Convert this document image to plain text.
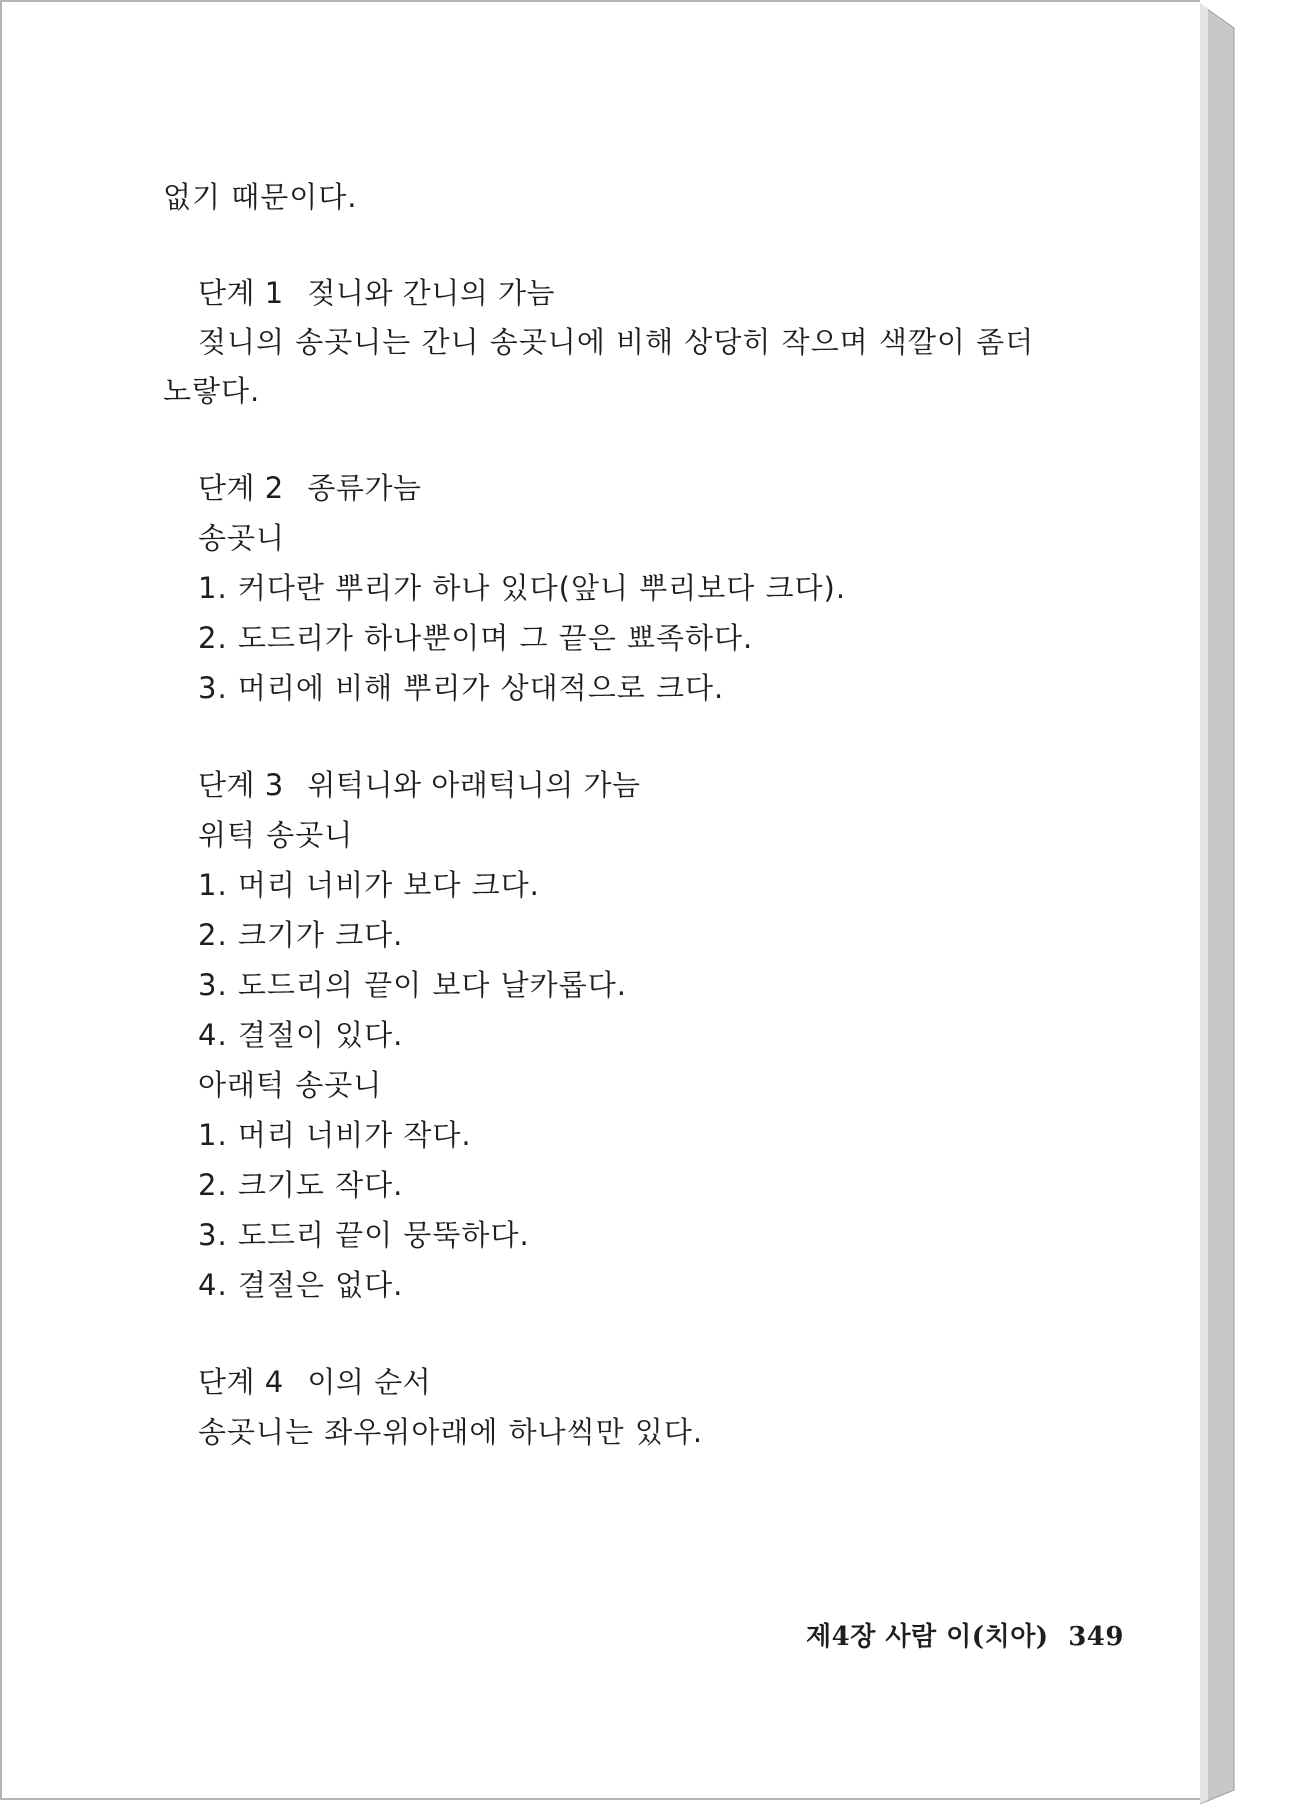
없기 때문이다.
단계 1 젖니와 간니의 가늠
젖니의 송곳니는 간니 송곳니에 비해 상당히 작으며 색깔이 좀더
노랗다.
단계 2 종류가늠
송곳니
1. 커다란 뿌리가 하나 있다(앞니 뿌리보다 크다).
2. 도드리가 하나뿐이며 그 끝은 뾰족하다.
3. 머리에 비해 뿌리가 상대적으로 크다.
단계 3 위턱니와 아래턱니의 가늠
위턱 송곳니
1. 머리 너비가 보다 크다.
2. 크기가 크다.
3. 도드리의 끝이 보다 날카롭다.
4. 결절이 있다.
아래턱 송곳니
1. 머리 너비가 작다.
2. 크기도 작다.
3. 도드리 끝이 뭉뚝하다.
4. 결절은 없다.
단계 4 이의 순서
송곳니는 좌우위아래에 하나씩만 있다.
제4장 사람 이(치아) 349
